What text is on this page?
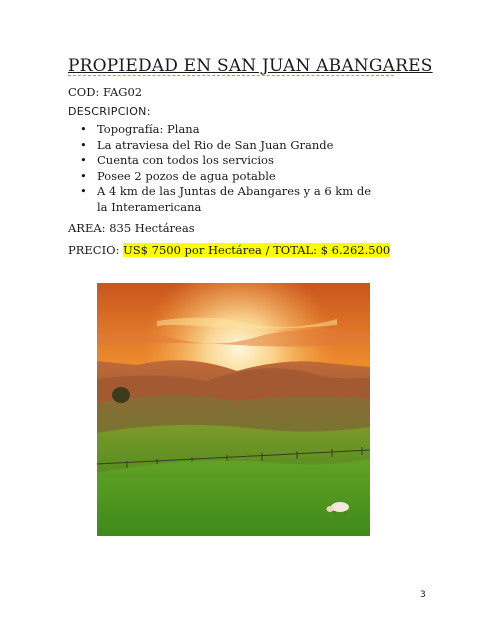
PROPIEDAD EN SAN JUAN ABANGARES
COD: FAG02
DESCRIPCION:
• Topografía: Plana
• La atraviesa del Rio de San Juan Grande
• Cuenta con todos los servicios
• Posee 2 pozos de agua potable
• A 4 km de las Juntas de Abangares y a 6 km de la Interamericana
AREA: 835 Hectáreas
PRECIO: US$ 7500 por Hectárea / TOTAL: $ 6.262.500
3
